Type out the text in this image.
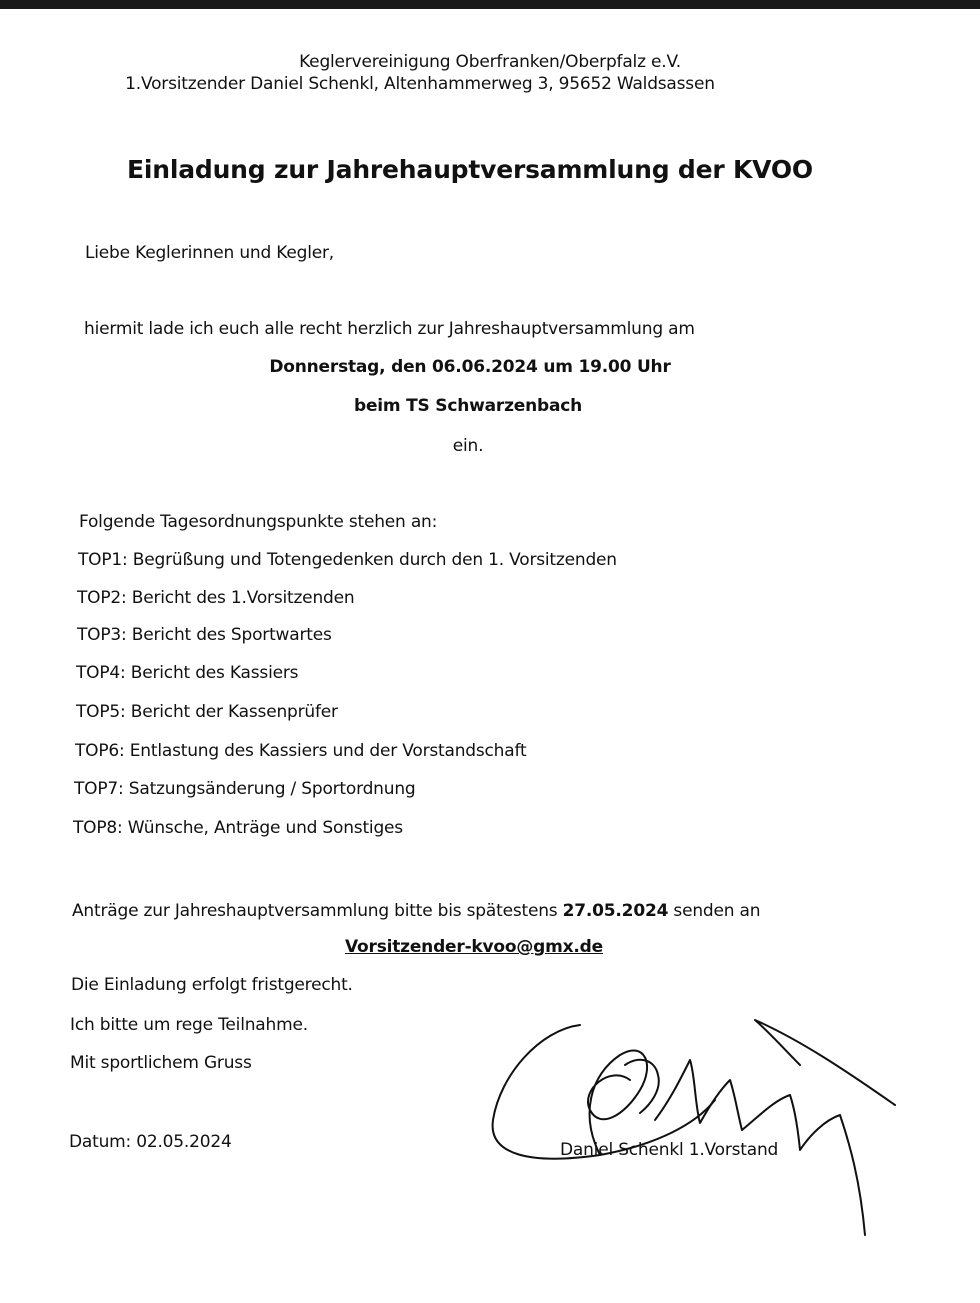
Keglervereinigung Oberfranken/Oberpfalz e.V.
1.Vorsitzender Daniel Schenkl, Altenhammerweg 3, 95652 Waldsassen
Einladung zur Jahrehauptversammlung der KVOO
Liebe Keglerinnen und Kegler,
hiermit lade ich euch alle recht herzlich zur Jahreshauptversammlung am
Donnerstag, den 06.06.2024 um 19.00 Uhr
beim TS Schwarzenbach
ein.
Folgende Tagesordnungspunkte stehen an:
TOP1: Begrüßung und Totengedenken durch den 1. Vorsitzenden
TOP2: Bericht des 1.Vorsitzenden
TOP3: Bericht des Sportwartes
TOP4: Bericht des Kassiers
TOP5: Bericht der Kassenprüfer
TOP6: Entlastung des Kassiers und der Vorstandschaft
TOP7: Satzungsänderung / Sportordnung
TOP8: Wünsche, Anträge und Sonstiges
Anträge zur Jahreshauptversammlung bitte bis spätestens 27.05.2024 senden an
Vorsitzender-kvoo@gmx.de
Die Einladung erfolgt fristgerecht.
Ich bitte um rege Teilnahme.
Mit sportlichem Gruss
Datum: 02.05.2024	Daniel Schenkl 1.Vorstand
